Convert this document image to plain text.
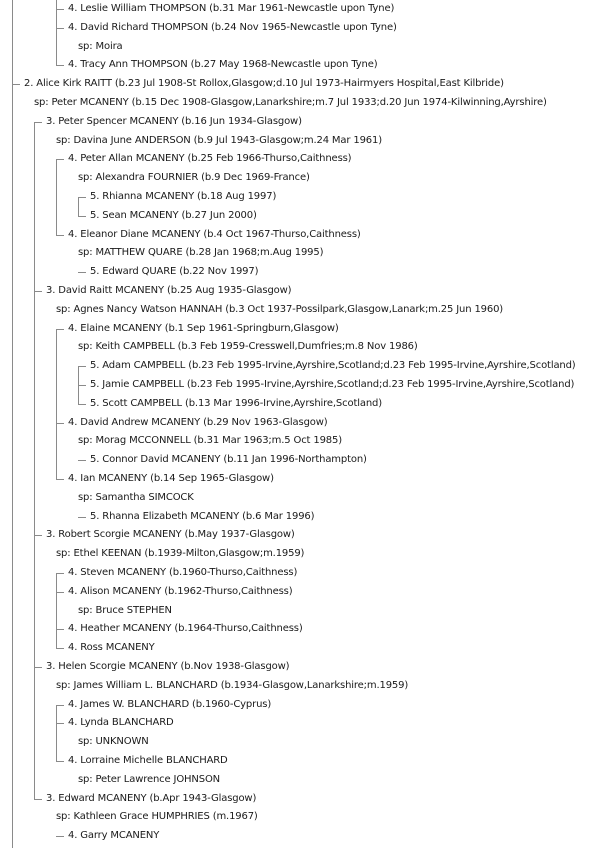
4. Leslie William THOMPSON (b.31 Mar 1961-Newcastle upon Tyne)
4. David Richard THOMPSON (b.24 Nov 1965-Newcastle upon Tyne)
sp: Moira
4. Tracy Ann THOMPSON (b.27 May 1968-Newcastle upon Tyne)
2. Alice Kirk RAITT (b.23 Jul 1908-St Rollox,Glasgow;d.10 Jul 1973-Hairmyers Hospital,East Kilbride)
sp: Peter MCANENY (b.15 Dec 1908-Glasgow,Lanarkshire;m.7 Jul 1933;d.20 Jun 1974-Kilwinning,Ayrshire)
3. Peter Spencer MCANENY (b.16 Jun 1934-Glasgow)
sp: Davina June ANDERSON (b.9 Jul 1943-Glasgow;m.24 Mar 1961)
4. Peter Allan MCANENY (b.25 Feb 1966-Thurso,Caithness)
sp: Alexandra FOURNIER (b.9 Dec 1969-France)
5. Rhianna MCANENY (b.18 Aug 1997)
5. Sean MCANENY (b.27 Jun 2000)
4. Eleanor Diane MCANENY (b.4 Oct 1967-Thurso,Caithness)
sp: MATTHEW QUARE (b.28 Jan 1968;m.Aug 1995)
5. Edward QUARE (b.22 Nov 1997)
3. David Raitt MCANENY (b.25 Aug 1935-Glasgow)
sp: Agnes Nancy Watson HANNAH (b.3 Oct 1937-Possilpark,Glasgow,Lanark;m.25 Jun 1960)
4. Elaine MCANENY (b.1 Sep 1961-Springburn,Glasgow)
sp: Keith CAMPBELL (b.3 Feb 1959-Cresswell,Dumfries;m.8 Nov 1986)
5. Adam CAMPBELL (b.23 Feb 1995-Irvine,Ayrshire,Scotland;d.23 Feb 1995-Irvine,Ayrshire,Scotland)
5. Jamie CAMPBELL (b.23 Feb 1995-Irvine,Ayrshire,Scotland;d.23 Feb 1995-Irvine,Ayrshire,Scotland)
5. Scott CAMPBELL (b.13 Mar 1996-Irvine,Ayrshire,Scotland)
4. David Andrew MCANENY (b.29 Nov 1963-Glasgow)
sp: Morag MCCONNELL (b.31 Mar 1963;m.5 Oct 1985)
5. Connor David MCANENY (b.11 Jan 1996-Northampton)
4. Ian MCANENY (b.14 Sep 1965-Glasgow)
sp: Samantha SIMCOCK
5. Rhanna Elizabeth MCANENY (b.6 Mar 1996)
3. Robert Scorgie MCANENY (b.May 1937-Glasgow)
sp: Ethel KEENAN (b.1939-Milton,Glasgow;m.1959)
4. Steven MCANENY (b.1960-Thurso,Caithness)
4. Alison MCANENY (b.1962-Thurso,Caithness)
sp: Bruce STEPHEN
4. Heather MCANENY (b.1964-Thurso,Caithness)
4. Ross MCANENY
3. Helen Scorgie MCANENY (b.Nov 1938-Glasgow)
sp: James William L. BLANCHARD (b.1934-Glasgow,Lanarkshire;m.1959)
4. James W. BLANCHARD (b.1960-Cyprus)
4. Lynda BLANCHARD
sp: UNKNOWN
4. Lorraine Michelle BLANCHARD
sp: Peter Lawrence JOHNSON
3. Edward MCANENY (b.Apr 1943-Glasgow)
sp: Kathleen Grace HUMPHRIES (m.1967)
4. Garry MCANENY
